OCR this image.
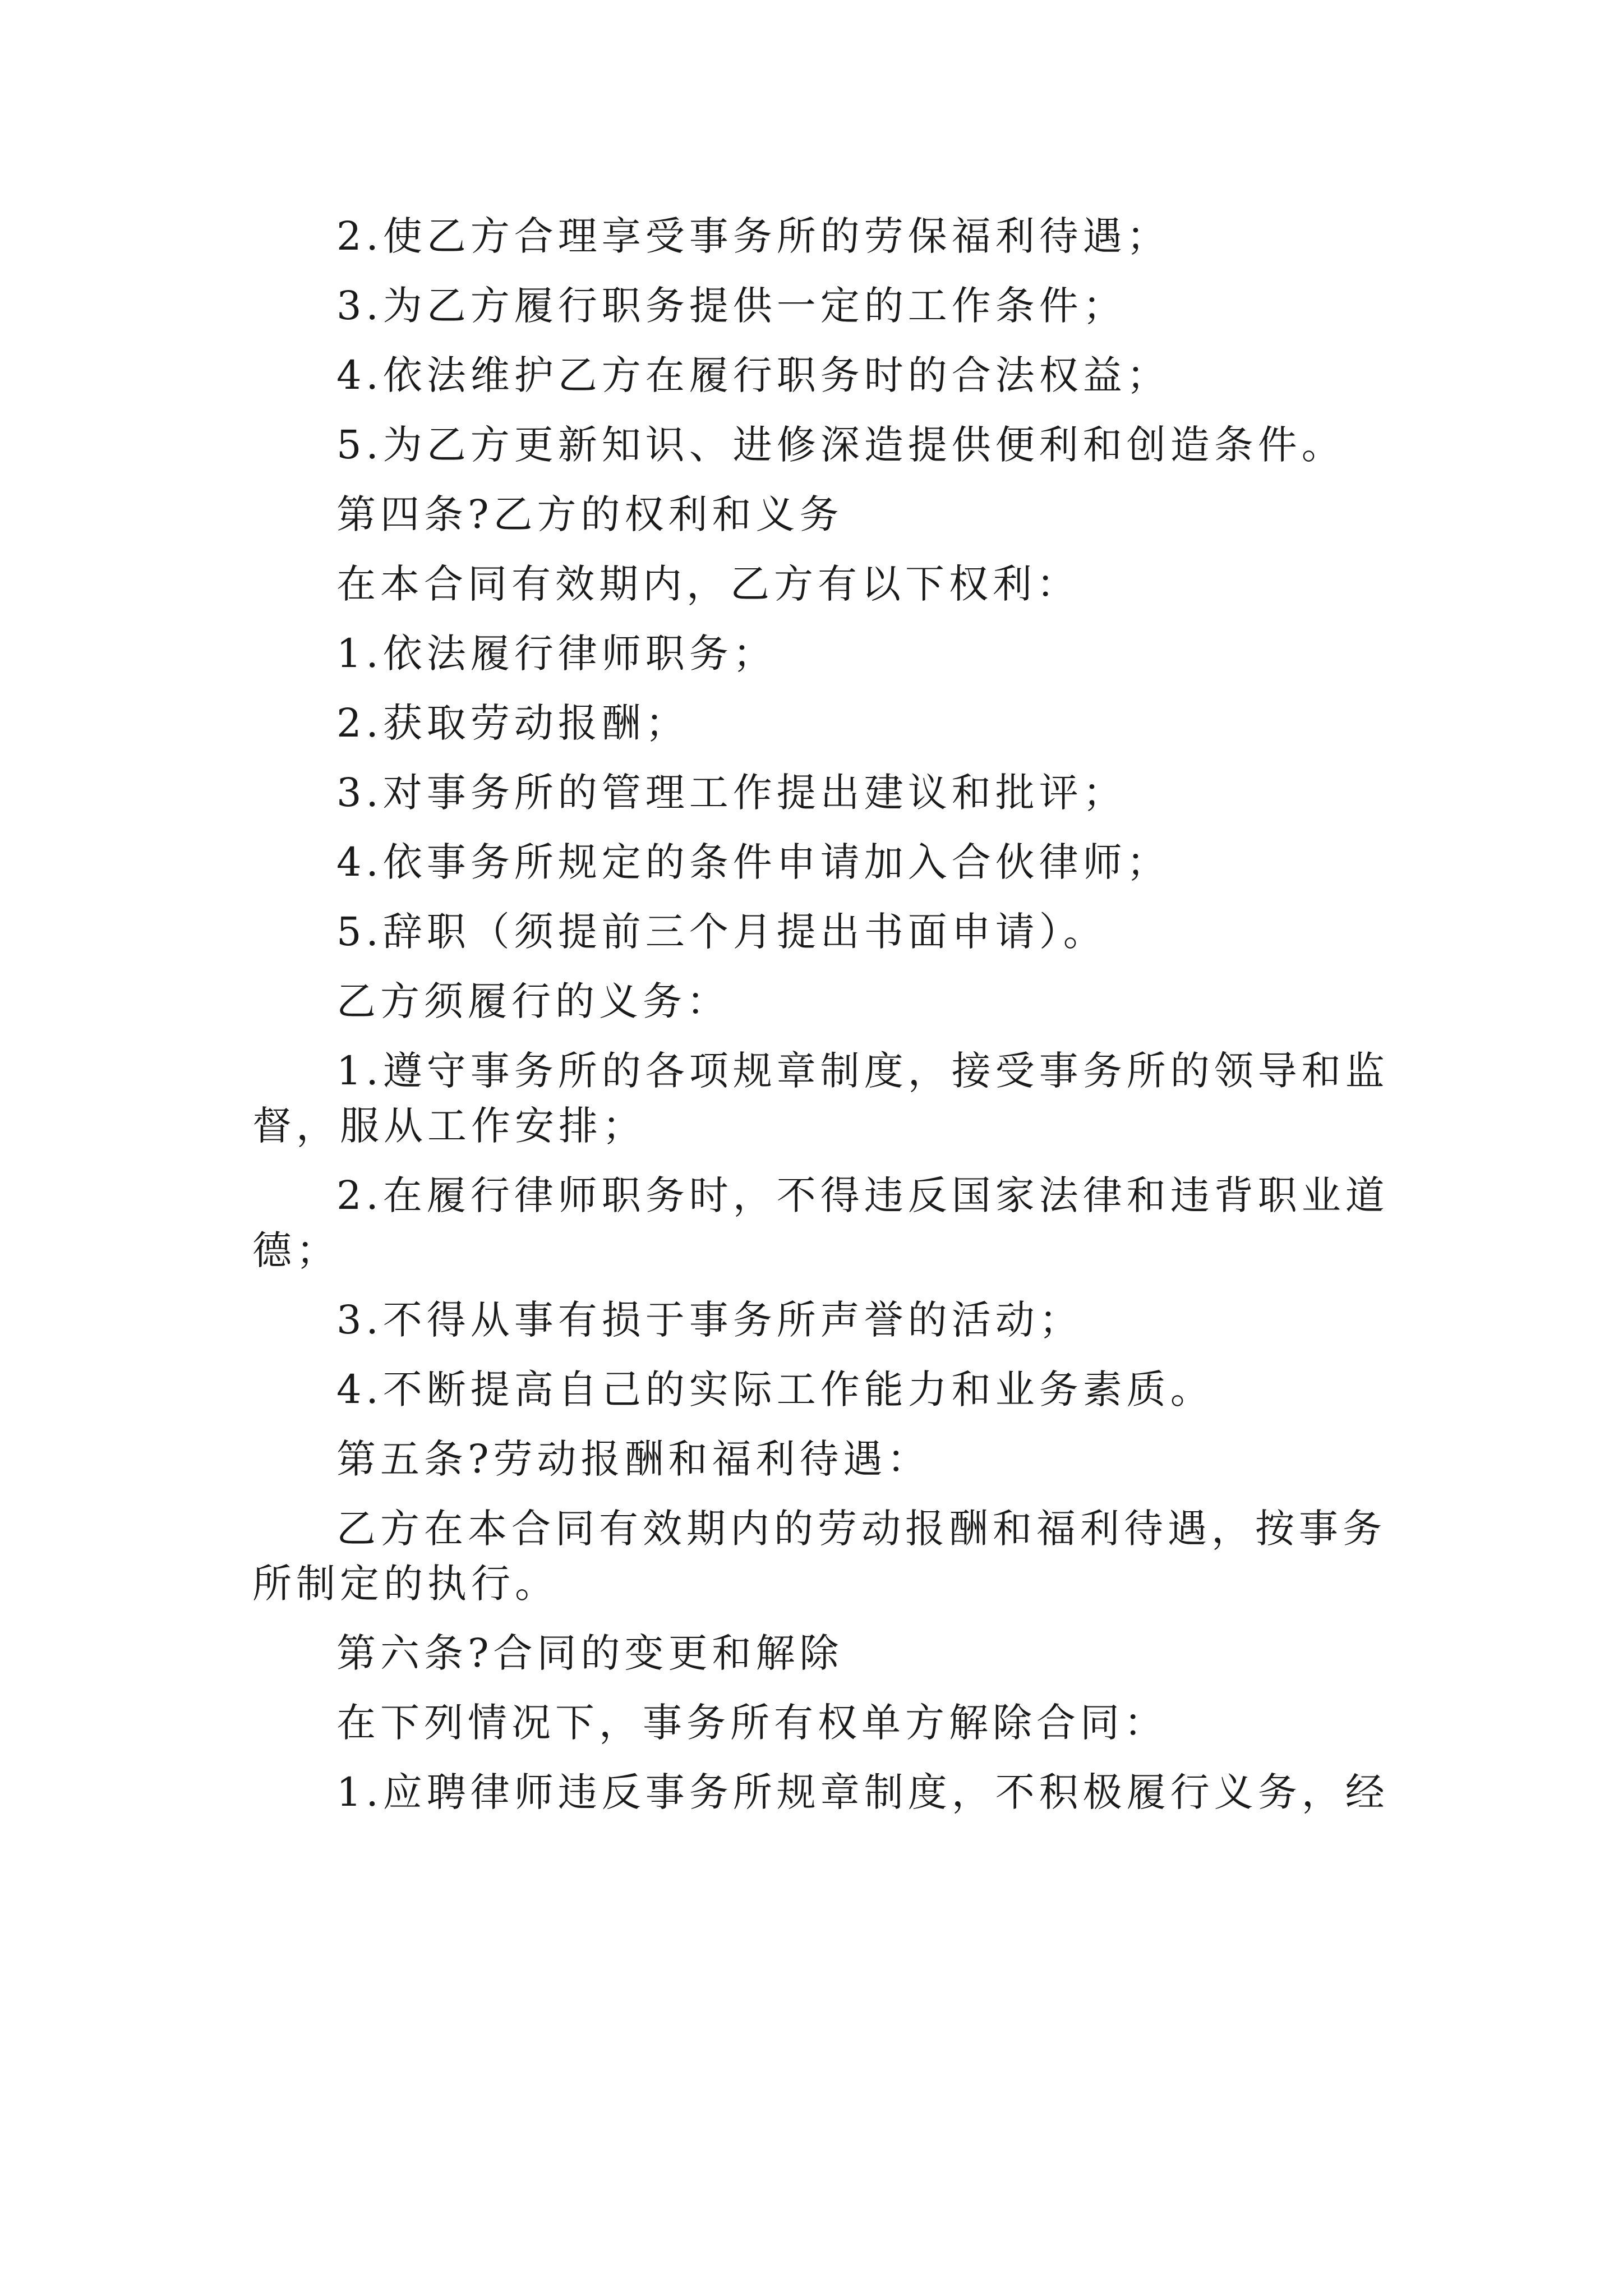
2.使乙方合理享受事务所的劳保福利待遇；

3.为乙方履行职务提供一定的工作条件；

4.依法维护乙方在履行职务时的合法权益；

5.为乙方更新知识、进修深造提供便利和创造条件。

第四条?乙方的权利和义务

在本合同有效期内，乙方有以下权利：

1.依法履行律师职务；

2.获取劳动报酬；

3.对事务所的管理工作提出建议和批评；

4.依事务所规定的条件申请加入合伙律师；

5.辞职（须提前三个月提出书面申请）。

乙方须履行的义务：

1.遵守事务所的各项规章制度，接受事务所的领导和监督，服从工作安排；

2.在履行律师职务时，不得违反国家法律和违背职业道德；

3.不得从事有损于事务所声誉的活动；

4.不断提高自己的实际工作能力和业务素质。

第五条?劳动报酬和福利待遇：

乙方在本合同有效期内的劳动报酬和福利待遇，按事务所制定的执行。

第六条?合同的变更和解除

在下列情况下，事务所有权单方解除合同：

1.应聘律师违反事务所规章制度，不积极履行义务，经
